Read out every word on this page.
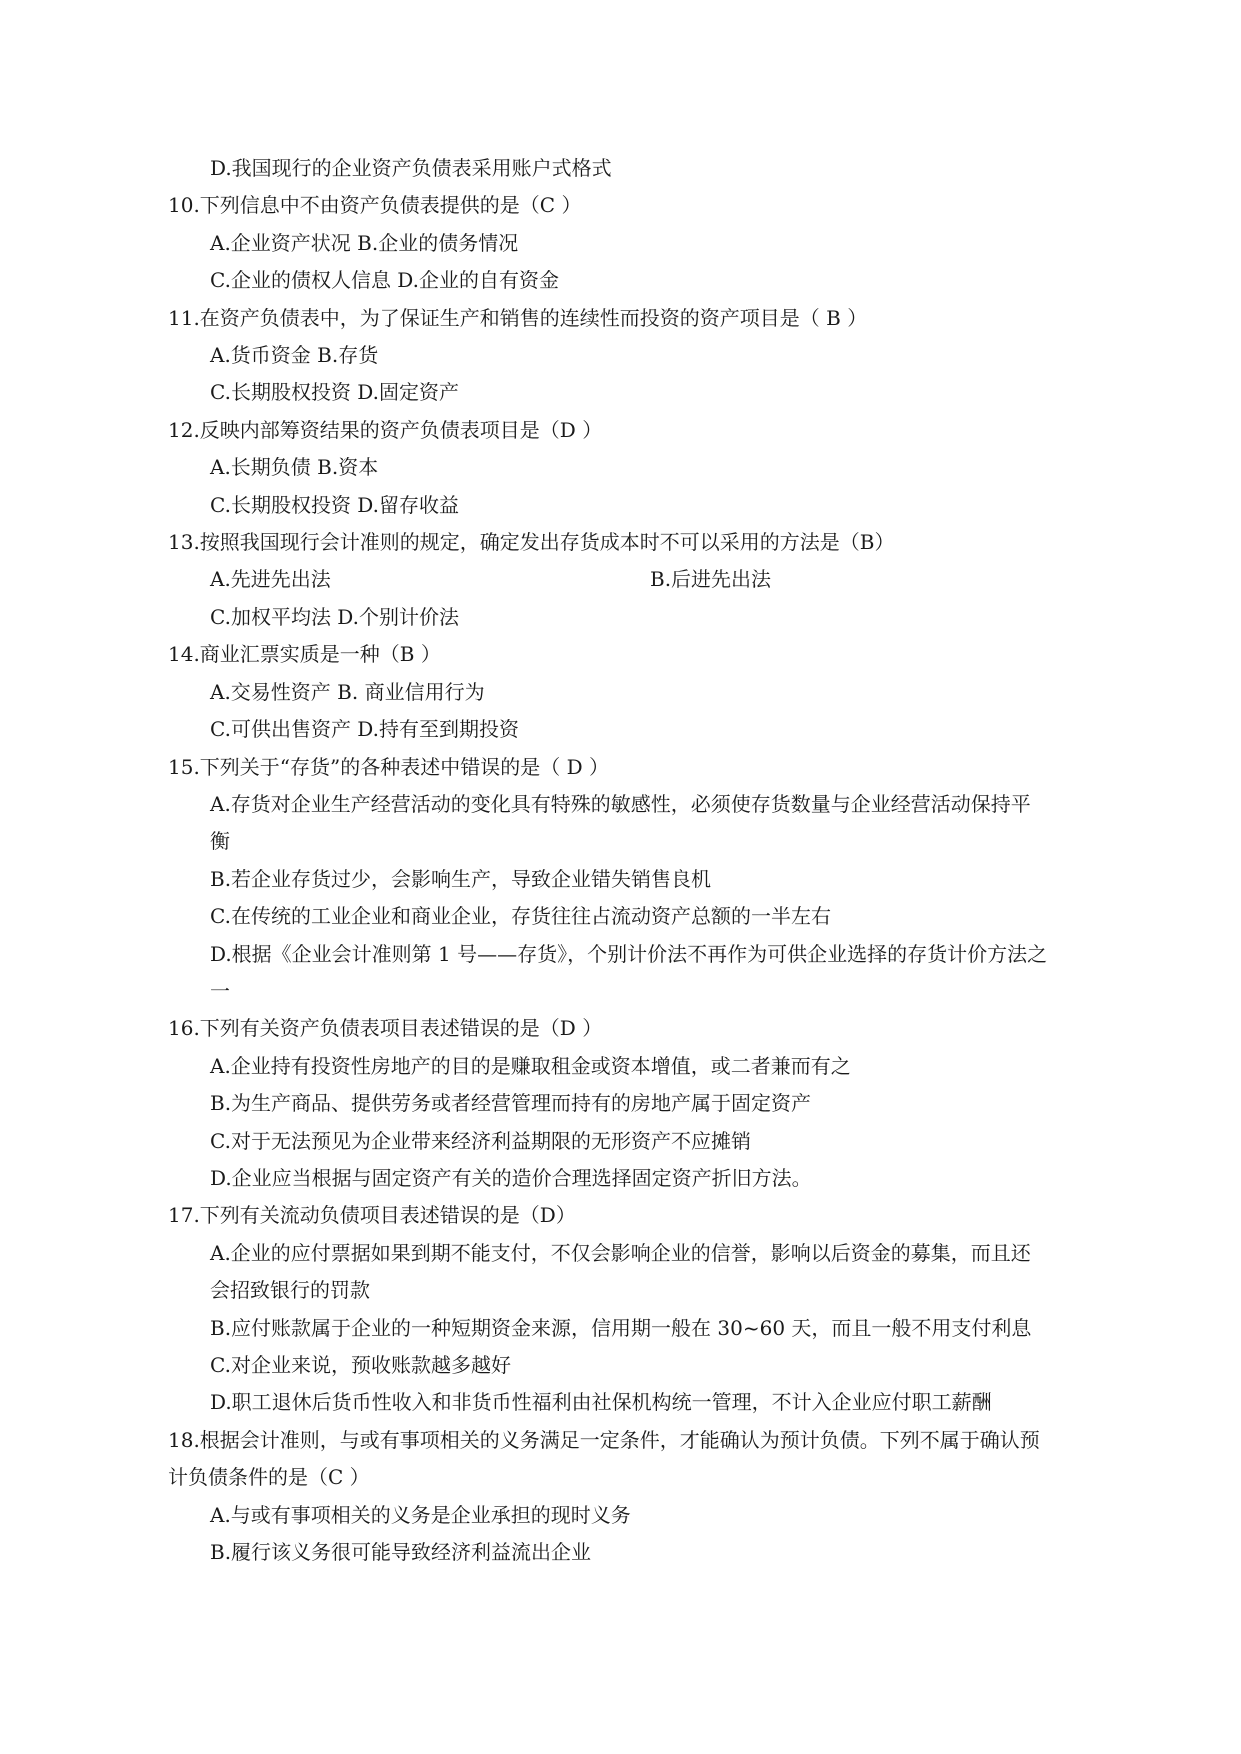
D.我国现行的企业资产负债表采用账户式格式

10.下列信息中不由资产负债表提供的是（C ）

A.企业资产状况 B.企业的债务情况

C.企业的债权人信息 D.企业的自有资金

11.在资产负债表中，为了保证生产和销售的连续性而投资的资产项目是（ B ）

A.货币资金 B.存货

C.长期股权投资 D.固定资产

12.反映内部筹资结果的资产负债表项目是（D ）

A.长期负债 B.资本

C.长期股权投资 D.留存收益

13.按照我国现行会计准则的规定，确定发出存货成本时不可以采用的方法是（B）

A.先进先出法	B.后进先出法

C.加权平均法 D.个别计价法

14.商业汇票实质是一种（B ）

A.交易性资产 B. 商业信用行为

C.可供出售资产 D.持有至到期投资

15.下列关于“存货”的各种表述中错误的是（ D ）

A.存货对企业生产经营活动的变化具有特殊的敏感性，必须使存货数量与企业经营活动保持平衡

B.若企业存货过少，会影响生产，导致企业错失销售良机

C.在传统的工业企业和商业企业，存货往往占流动资产总额的一半左右

D.根据《企业会计准则第 1 号——存货》，个别计价法不再作为可供企业选择的存货计价方法之一

16.下列有关资产负债表项目表述错误的是（D ）

A.企业持有投资性房地产的目的是赚取租金或资本增值，或二者兼而有之

B.为生产商品、提供劳务或者经营管理而持有的房地产属于固定资产

C.对于无法预见为企业带来经济利益期限的无形资产不应摊销

D.企业应当根据与固定资产有关的造价合理选择固定资产折旧方法。

17.下列有关流动负债项目表述错误的是（D）

A.企业的应付票据如果到期不能支付，不仅会影响企业的信誉，影响以后资金的募集，而且还会招致银行的罚款

B.应付账款属于企业的一种短期资金来源，信用期一般在 30~60 天，而且一般不用支付利息

C.对企业来说，预收账款越多越好

D.职工退休后货币性收入和非货币性福利由社保机构统一管理，不计入企业应付职工薪酬

18.根据会计准则，与或有事项相关的义务满足一定条件，才能确认为预计负债。下列不属于确认预计负债条件的是（C ）

A.与或有事项相关的义务是企业承担的现时义务

B.履行该义务很可能导致经济利益流出企业
